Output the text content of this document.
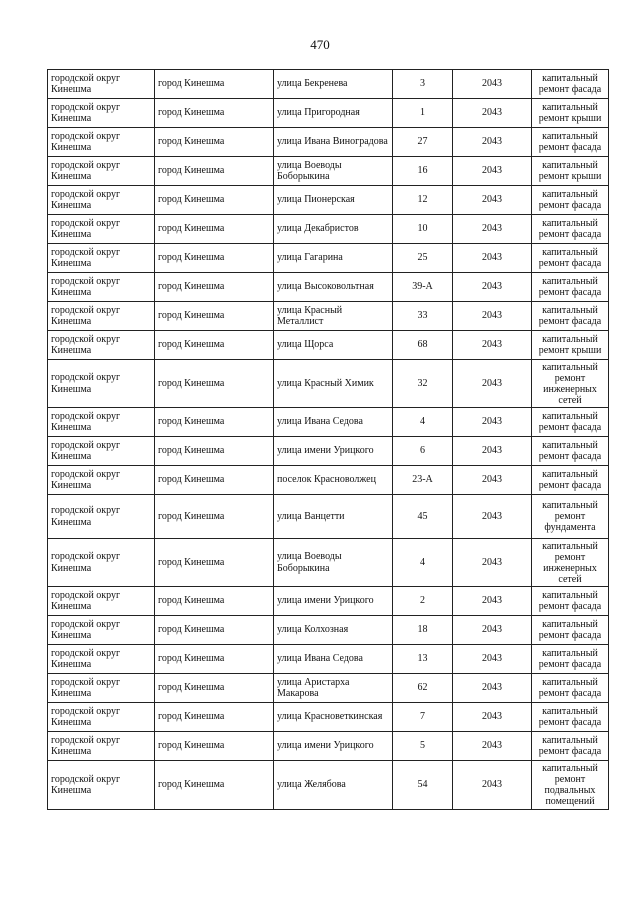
470
городской округ Кинешма	город Кинешма	улица Бекренева	3	2043	капитальный ремонт фасада
городской округ Кинешма	город Кинешма	улица Пригородная	1	2043	капитальный ремонт крыши
городской округ Кинешма	город Кинешма	улица Ивана Виноградова	27	2043	капитальный ремонт фасада
городской округ Кинешма	город Кинешма	улица Воеводы Боборыкина	16	2043	капитальный ремонт крыши
городской округ Кинешма	город Кинешма	улица Пионерская	12	2043	капитальный ремонт фасада
городской округ Кинешма	город Кинешма	улица Декабристов	10	2043	капитальный ремонт фасада
городской округ Кинешма	город Кинешма	улица Гагарина	25	2043	капитальный ремонт фасада
городской округ Кинешма	город Кинешма	улица Высоковольтная	39-А	2043	капитальный ремонт фасада
городской округ Кинешма	город Кинешма	улица Красный Металлист	33	2043	капитальный ремонт фасада
городской округ Кинешма	город Кинешма	улица Щорса	68	2043	капитальный ремонт крыши
городской округ Кинешма	город Кинешма	улица Красный Химик	32	2043	капитальный ремонт инженерных сетей
городской округ Кинешма	город Кинешма	улица Ивана Седова	4	2043	капитальный ремонт фасада
городской округ Кинешма	город Кинешма	улица имени Урицкого	6	2043	капитальный ремонт фасада
городской округ Кинешма	город Кинешма	поселок Красноволжец	23-А	2043	капитальный ремонт фасада
городской округ Кинешма	город Кинешма	улица Ванцетти	45	2043	капитальный ремонт фундамента
городской округ Кинешма	город Кинешма	улица Воеводы Боборыкина	4	2043	капитальный ремонт инженерных сетей
городской округ Кинешма	город Кинешма	улица имени Урицкого	2	2043	капитальный ремонт фасада
городской округ Кинешма	город Кинешма	улица Колхозная	18	2043	капитальный ремонт фасада
городской округ Кинешма	город Кинешма	улица Ивана Седова	13	2043	капитальный ремонт фасада
городской округ Кинешма	город Кинешма	улица Аристарха Макарова	62	2043	капитальный ремонт фасада
городской округ Кинешма	город Кинешма	улица Красноветкинская	7	2043	капитальный ремонт фасада
городской округ Кинешма	город Кинешма	улица имени Урицкого	5	2043	капитальный ремонт фасада
городской округ Кинешма	город Кинешма	улица Желябова	54	2043	капитальный ремонт подвальных помещений
